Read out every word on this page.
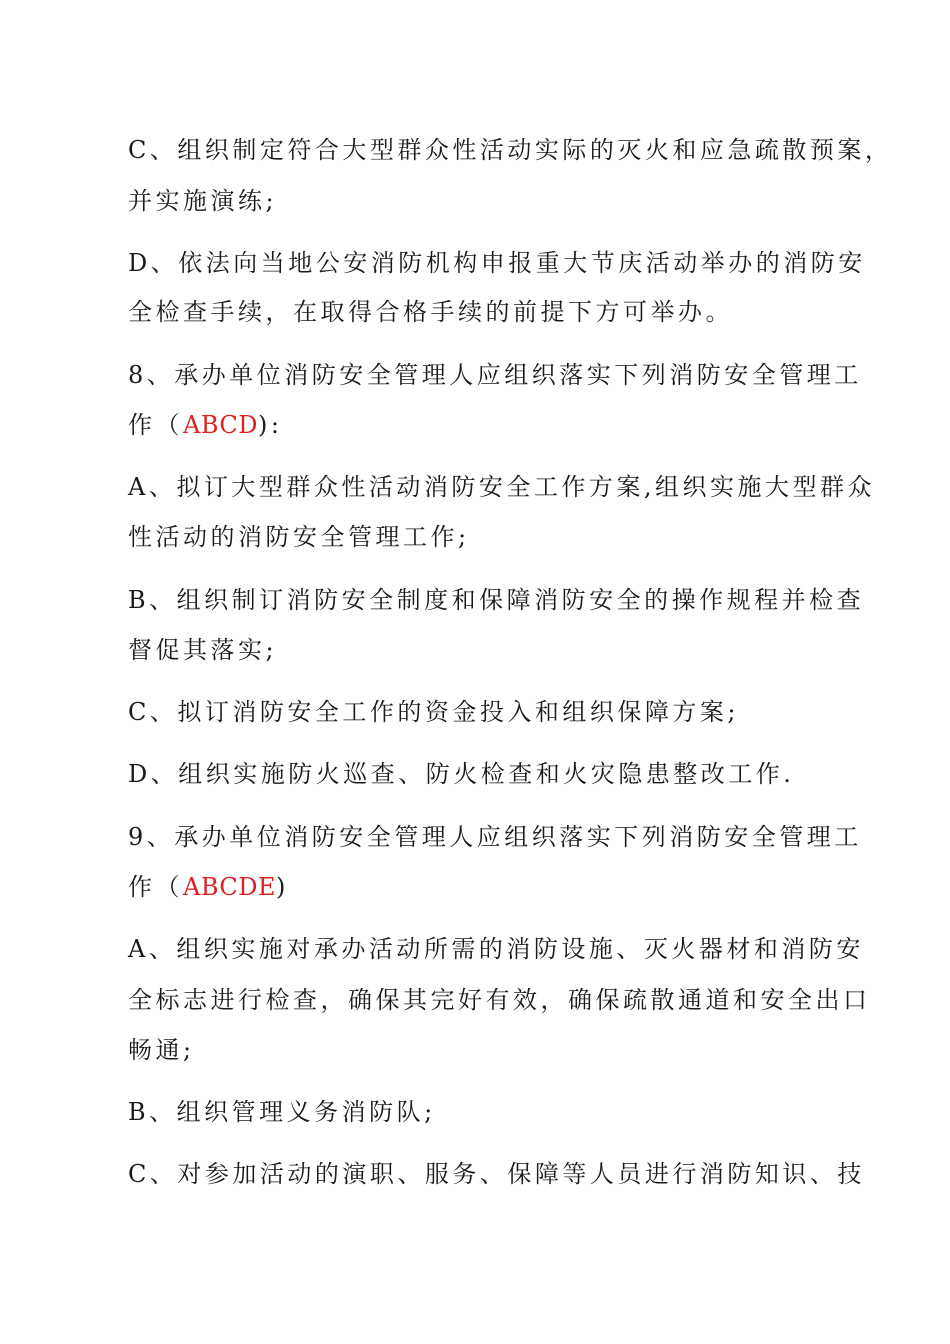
C、组织制定符合大型群众性活动实际的灭火和应急疏散预案，
并实施演练;
D、依法向当地公安消防机构申报重大节庆活动举办的消防安
全检查手续，在取得合格手续的前提下方可举办。
8、承办单位消防安全管理人应组织落实下列消防安全管理工
作（ABCD):
A、拟订大型群众性活动消防安全工作方案,组织实施大型群众
性活动的消防安全管理工作;
B、组织制订消防安全制度和保障消防安全的操作规程并检查
督促其落实;
C、拟订消防安全工作的资金投入和组织保障方案;
D、组织实施防火巡查、防火检查和火灾隐患整改工作.
9、承办单位消防安全管理人应组织落实下列消防安全管理工
作（ABCDE)
A、组织实施对承办活动所需的消防设施、灭火器材和消防安
全标志进行检查，确保其完好有效，确保疏散通道和安全出口
畅通;
B、组织管理义务消防队;
C、对参加活动的演职、服务、保障等人员进行消防知识、技
